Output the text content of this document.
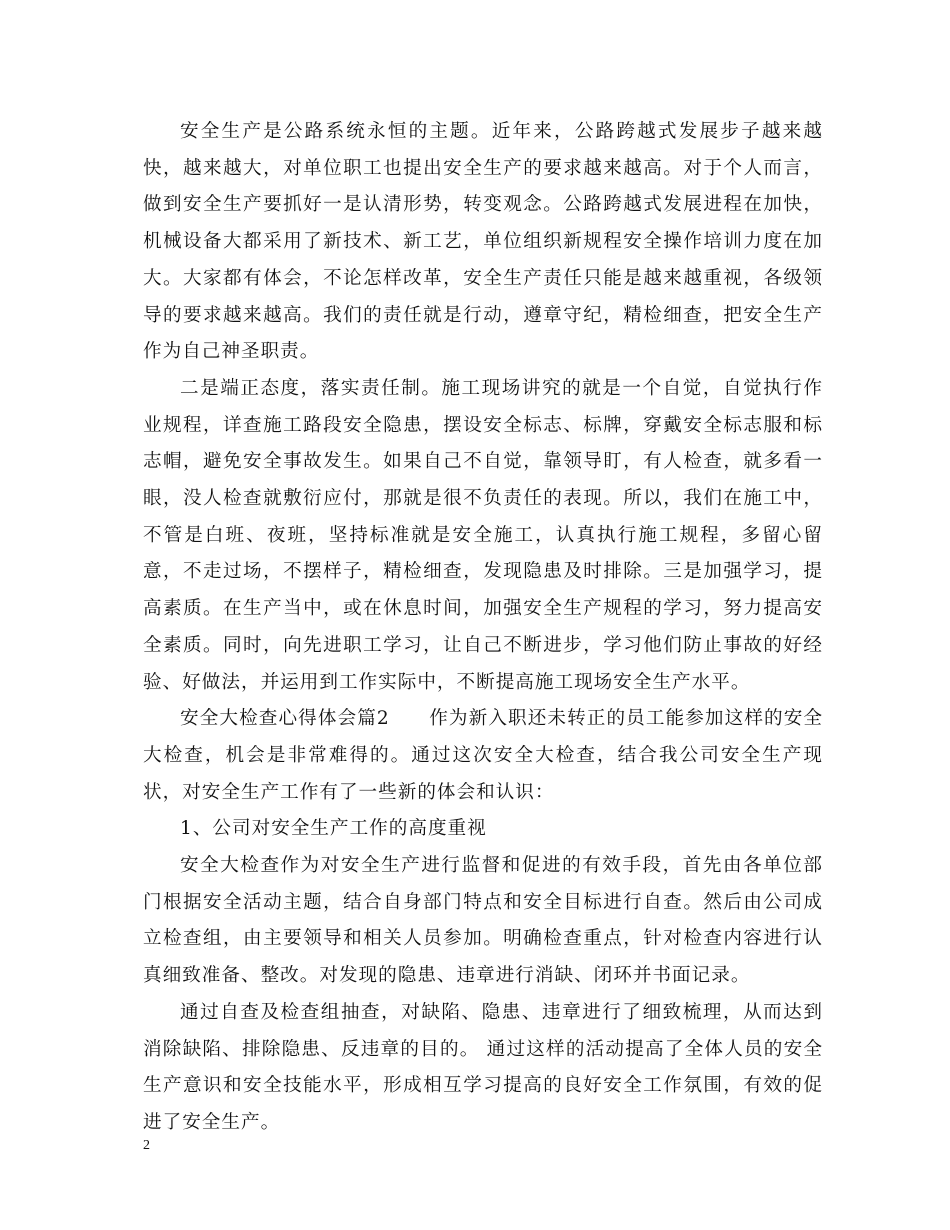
安全生产是公路系统永恒的主题。近年来，公路跨越式发展步子越来越快，越来越大，对单位职工也提出安全生产的要求越来越高。对于个人而言，做到安全生产要抓好一是认清形势，转变观念。公路跨越式发展进程在加快，机械设备大都采用了新技术、新工艺，单位组织新规程安全操作培训力度在加大。大家都有体会，不论怎样改革，安全生产责任只能是越来越重视，各级领导的要求越来越高。我们的责任就是行动，遵章守纪，精检细查，把安全生产作为自己神圣职责。

二是端正态度，落实责任制。施工现场讲究的就是一个自觉，自觉执行作业规程，详查施工路段安全隐患，摆设安全标志、标牌，穿戴安全标志服和标志帽，避免安全事故发生。如果自己不自觉，靠领导盯，有人检查，就多看一眼，没人检查就敷衍应付，那就是很不负责任的表现。所以，我们在施工中，不管是白班、夜班，坚持标准就是安全施工，认真执行施工规程，多留心留意，不走过场，不摆样子，精检细查，发现隐患及时排除。三是加强学习，提高素质。在生产当中，或在休息时间，加强安全生产规程的学习，努力提高安全素质。同时，向先进职工学习，让自己不断进步，学习他们防止事故的好经验、好做法，并运用到工作实际中，不断提高施工现场安全生产水平。

安全大检查心得体会篇2　　作为新入职还未转正的员工能参加这样的安全大检查，机会是非常难得的。通过这次安全大检查，结合我公司安全生产现状，对安全生产工作有了一些新的体会和认识：

1、公司对安全生产工作的高度重视

安全大检查作为对安全生产进行监督和促进的有效手段，首先由各单位部门根据安全活动主题，结合自身部门特点和安全目标进行自查。然后由公司成立检查组，由主要领导和相关人员参加。明确检查重点，针对检查内容进行认真细致准备、整改。对发现的隐患、违章进行消缺、闭环并书面记录。

通过自查及检查组抽查，对缺陷、隐患、违章进行了细致梳理，从而达到消除缺陷、排除隐患、反违章的目的。 通过这样的活动提高了全体人员的安全生产意识和安全技能水平，形成相互学习提高的良好安全工作氛围，有效的促进了安全生产。

2
